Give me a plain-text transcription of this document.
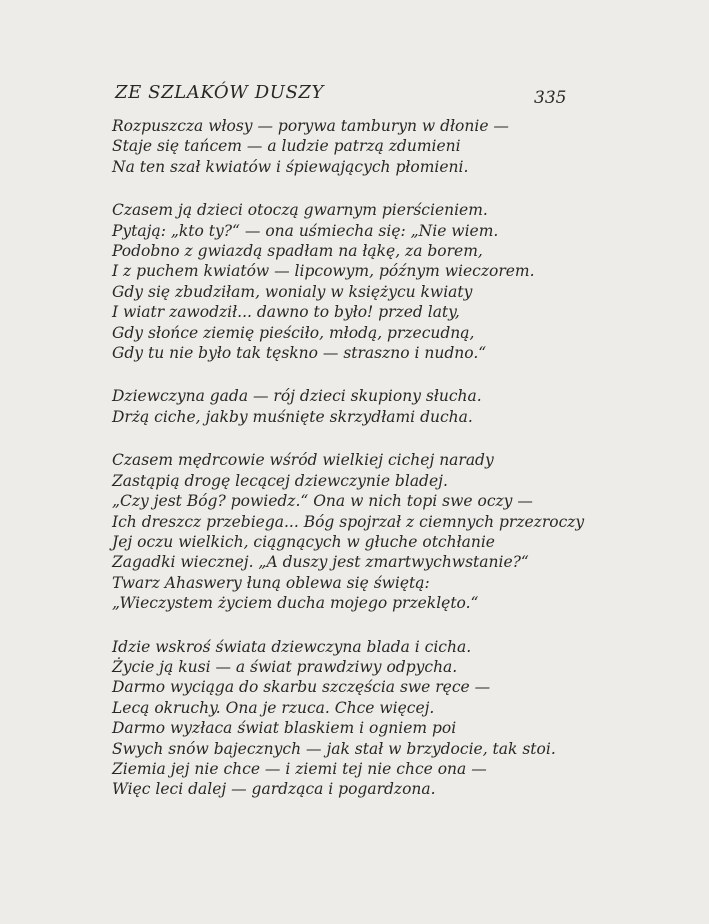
ZE SZLAKÓW DUSZY	335
Rozpuszcza włosy — porywa tamburyn w dłonie —
Staje się tańcem — a ludzie patrzą zdumieni
Na ten szał kwiatów i śpiewających płomieni.
Czasem ją dzieci otoczą gwarnym pierścieniem.
Pytają: „kto ty?“ — ona uśmiecha się: „Nie wiem.
Podobno z gwiazdą spadłam na łąkę, za borem,
I z puchem kwiatów — lipcowym, późnym wieczorem.
Gdy się zbudziłam, wonialy w księżycu kwiaty
I wiatr zawodził... dawno to było! przed laty,
Gdy słońce ziemię pieściło, młodą, przecudną,
Gdy tu nie było tak tęskno — straszno i nudno.“
Dziewczyna gada — rój dzieci skupiony słucha.
Drżą ciche, jakby muśnięte skrzydłami ducha.
Czasem mędrcowie wśród wielkiej cichej narady
Zastąpią drogę lecącej dziewczynie bladej.
„Czy jest Bóg? powiedz.“ Ona w nich topi swe oczy —
Ich dreszcz przebiega... Bóg spojrzał z ciemnych przezroczy
Jej oczu wielkich, ciągnących w głuche otchłanie
Zagadki wiecznej. „A duszy jest zmartwychwstanie?“
Twarz Ahaswery łuną oblewa się świętą:
„Wieczystem życiem ducha mojego przeklęto.“
Idzie wskroś świata dziewczyna blada i cicha.
Życie ją kusi — a świat prawdziwy odpycha.
Darmo wyciąga do skarbu szczęścia swe ręce —
Lecą okruchy. Ona je rzuca. Chce więcej.
Darmo wyzłaca świat blaskiem i ogniem poi
Swych snów bajecznych — jak stał w brzydocie, tak stoi.
Ziemia jej nie chce — i ziemi tej nie chce ona —
Więc leci dalej — gardząca i pogardzona.
